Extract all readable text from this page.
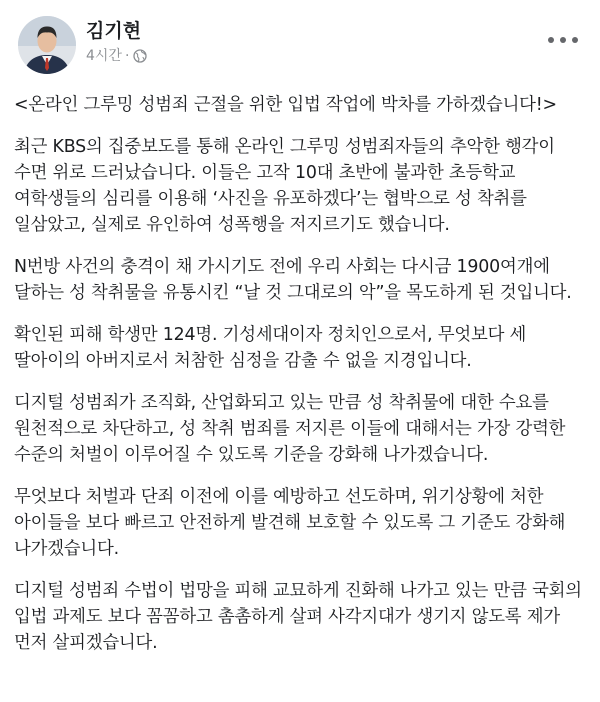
김기현
4시간 ·

<온라인 그루밍 성범죄 근절을 위한 입법 작업에 박차를 가하겠습니다!>

최근 KBS의 집중보도를 통해 온라인 그루밍 성범죄자들의 추악한 행각이 수면 위로 드러났습니다. 이들은 고작 10대 초반에 불과한 초등학교 여학생들의 심리를 이용해 ‘사진을 유포하겠다’는 협박으로 성 착취를 일삼았고, 실제로 유인하여 성폭행을 저지르기도 했습니다.

N번방 사건의 충격이 채 가시기도 전에 우리 사회는 다시금 1900여개에 달하는 성 착취물을 유통시킨 “날 것 그대로의 악”을 목도하게 된 것입니다.

확인된 피해 학생만 124명. 기성세대이자 정치인으로서, 무엇보다 세 딸아이의 아버지로서 처참한 심정을 감출 수 없을 지경입니다.

디지털 성범죄가 조직화, 산업화되고 있는 만큼 성 착취물에 대한 수요를 원천적으로 차단하고, 성 착취 범죄를 저지른 이들에 대해서는 가장 강력한 수준의 처벌이 이루어질 수 있도록 기준을 강화해 나가겠습니다.

무엇보다 처벌과 단죄 이전에 이를 예방하고 선도하며, 위기상황에 처한 아이들을 보다 빠르고 안전하게 발견해 보호할 수 있도록 그 기준도 강화해 나가겠습니다.

디지털 성범죄 수법이 법망을 피해 교묘하게 진화해 나가고 있는 만큼 국회의 입법 과제도 보다 꼼꼼하고 촘촘하게 살펴 사각지대가 생기지 않도록 제가 먼저 살피겠습니다.
